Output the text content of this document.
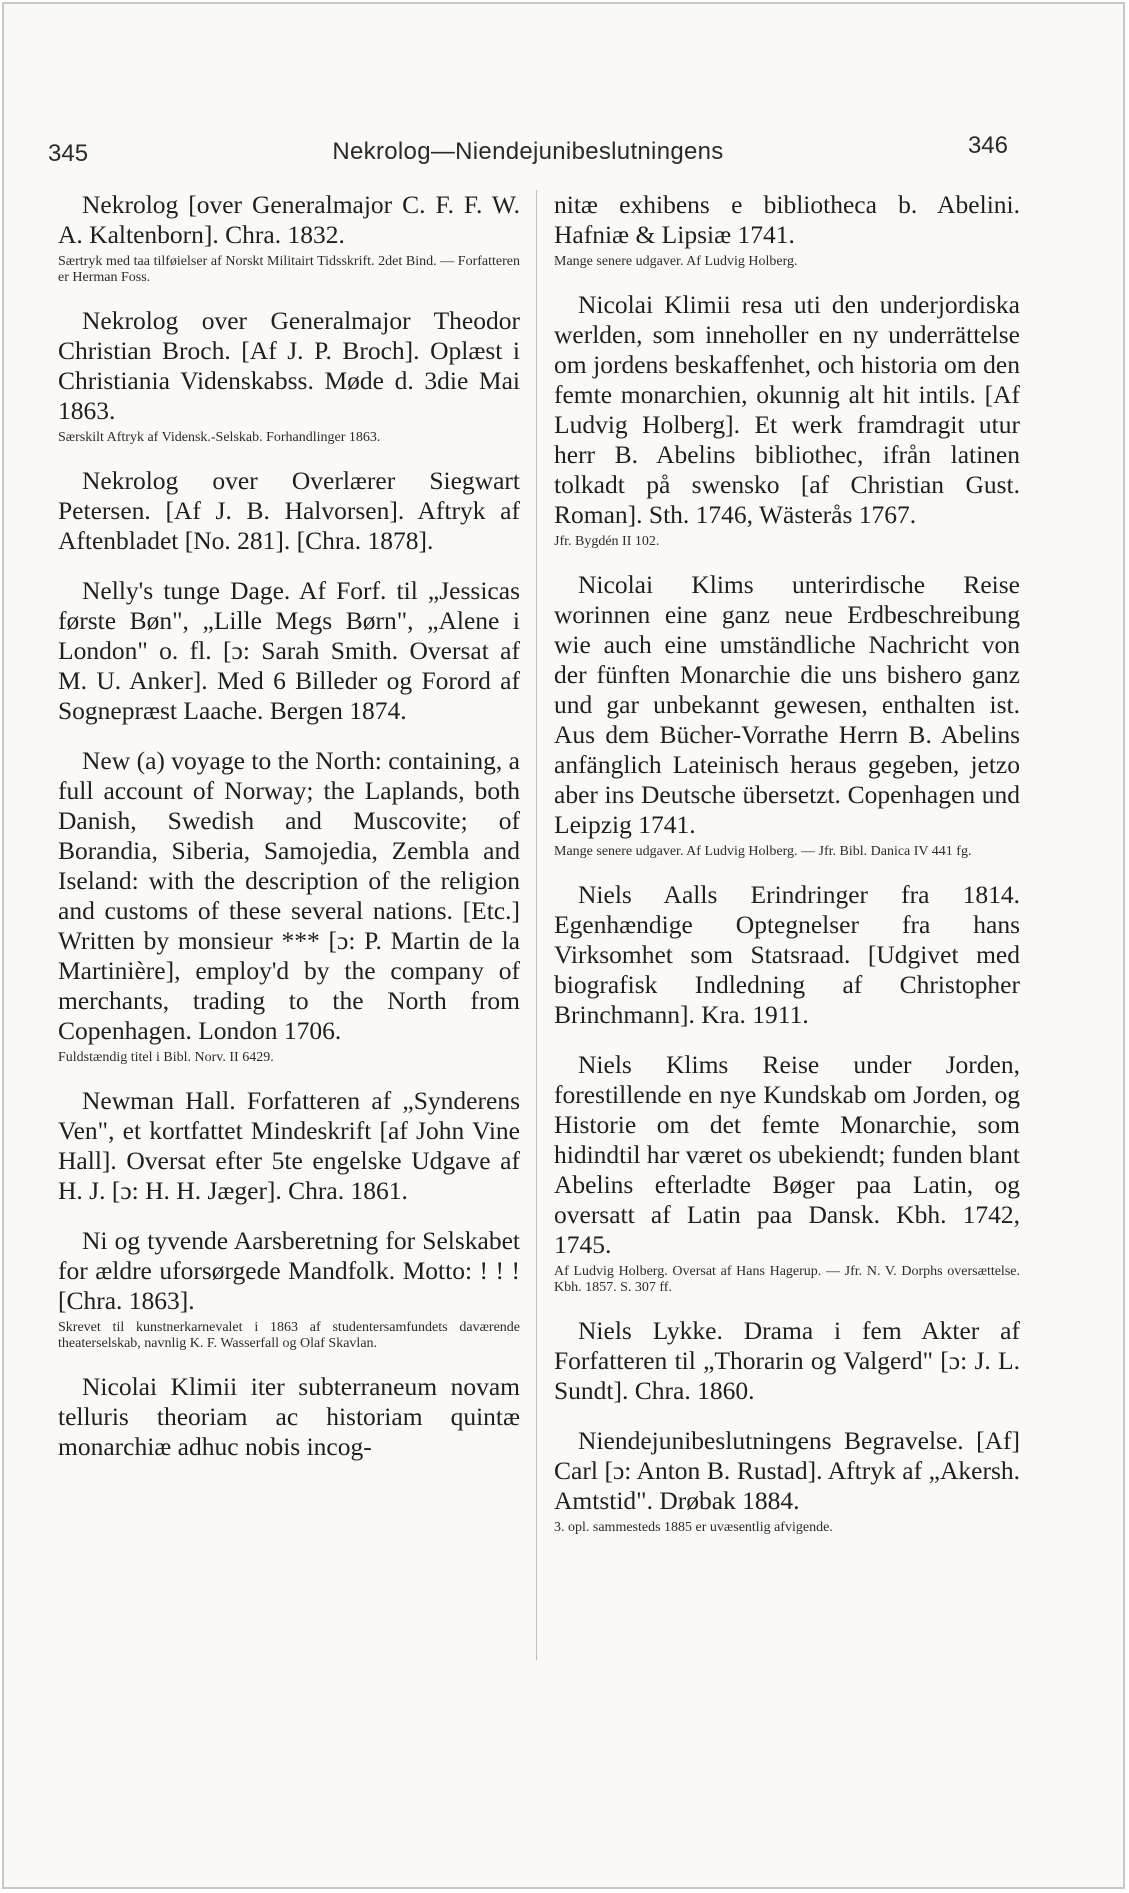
345	Nekrolog—Niendejunibeslutningens	346

Nekrolog [over Generalmajor C. F. F. W. A. Kaltenborn]. Chra. 1832.

Særtryk med taa tilføielser af Norskt Militairt Tidsskrift. 2det Bind. — Forfatteren er Herman Foss.

Nekrolog over Generalmajor Theodor Christian Broch. [Af J. P. Broch]. Oplæst i Christiania Videnskabss. Møde d. 3die Mai 1863.

Særskilt Aftryk af Vidensk.-Selskab. Forhandlinger 1863.

Nekrolog over Overlærer Siegwart Petersen. [Af J. B. Halvorsen]. Aftryk af Aftenbladet [No. 281]. [Chra. 1878].

Nelly's tunge Dage. Af Forf. til „Jessicas første Bøn", „Lille Megs Børn", „Alene i London" o. fl. [ɔ: Sarah Smith. Oversat af M. U. Anker]. Med 6 Billeder og Forord af Sognepræst Laache. Bergen 1874.

New (a) voyage to the North: containing, a full account of Norway; the Laplands, both Danish, Swedish and Muscovite; of Borandia, Siberia, Samojedia, Zembla and Iseland: with the description of the religion and customs of these several nations. [Etc.] Written by monsieur *** [ɔ: P. Martin de la Martinière], employ'd by the company of merchants, trading to the North from Copenhagen. London 1706.

Fuldstændig titel i Bibl. Norv. II 6429.

Newman Hall. Forfatteren af „Synderens Ven", et kortfattet Mindeskrift [af John Vine Hall]. Oversat efter 5te engelske Udgave af H. J. [ɔ: H. H. Jæger]. Chra. 1861.

Ni og tyvende Aarsberetning for Selskabet for ældre uforsørgede Mandfolk. Motto: ! ! ! [Chra. 1863].

Skrevet til kunstnerkarnevalet i 1863 af studentersamfundets daværende theaterselskab, navnlig K. F. Wasserfall og Olaf Skavlan.

Nicolai Klimii iter subterraneum novam telluris theoriam ac historiam quintæ monarchiæ adhuc nobis incog-

nitæ exhibens e bibliotheca b. Abelini. Hafniæ & Lipsiæ 1741.

Mange senere udgaver. Af Ludvig Holberg.

Nicolai Klimii resa uti den underjordiska werlden, som inneholler en ny underrättelse om jordens beskaffenhet, och historia om den femte monarchien, okunnig alt hit intils. [Af Ludvig Holberg]. Et werk framdragit utur herr B. Abelins bibliothec, ifrån latinen tolkadt på swensko [af Christian Gust. Roman]. Sth. 1746, Wästerås 1767.

Jfr. Bygdén II 102.

Nicolai Klims unterirdische Reise worinnen eine ganz neue Erdbeschreibung wie auch eine umständliche Nachricht von der fünften Monarchie die uns bishero ganz und gar unbekannt gewesen, enthalten ist. Aus dem Bücher-Vorrathe Herrn B. Abelins anfänglich Lateinisch heraus gegeben, jetzo aber ins Deutsche übersetzt. Copenhagen und Leipzig 1741.

Mange senere udgaver. Af Ludvig Holberg. — Jfr. Bibl. Danica IV 441 fg.

Niels Aalls Erindringer fra 1814. Egenhændige Optegnelser fra hans Virksomhet som Statsraad. [Udgivet med biografisk Indledning af Christopher Brinchmann]. Kra. 1911.

Niels Klims Reise under Jorden, forestillende en nye Kundskab om Jorden, og Historie om det femte Monarchie, som hidindtil har været os ubekiendt; funden blant Abelins efterladte Bøger paa Latin, og oversatt af Latin paa Dansk. Kbh. 1742, 1745.

Af Ludvig Holberg. Oversat af Hans Hagerup. — Jfr. N. V. Dorphs oversættelse. Kbh. 1857. S. 307 ff.

Niels Lykke. Drama i fem Akter af Forfatteren til „Thorarin og Valgerd" [ɔ: J. L. Sundt]. Chra. 1860.

Niendejunibeslutningens Begravelse. [Af] Carl [ɔ: Anton B. Rustad]. Aftryk af „Akersh. Amtstid". Drøbak 1884.

3. opl. sammesteds 1885 er uvæsentlig afvigende.
